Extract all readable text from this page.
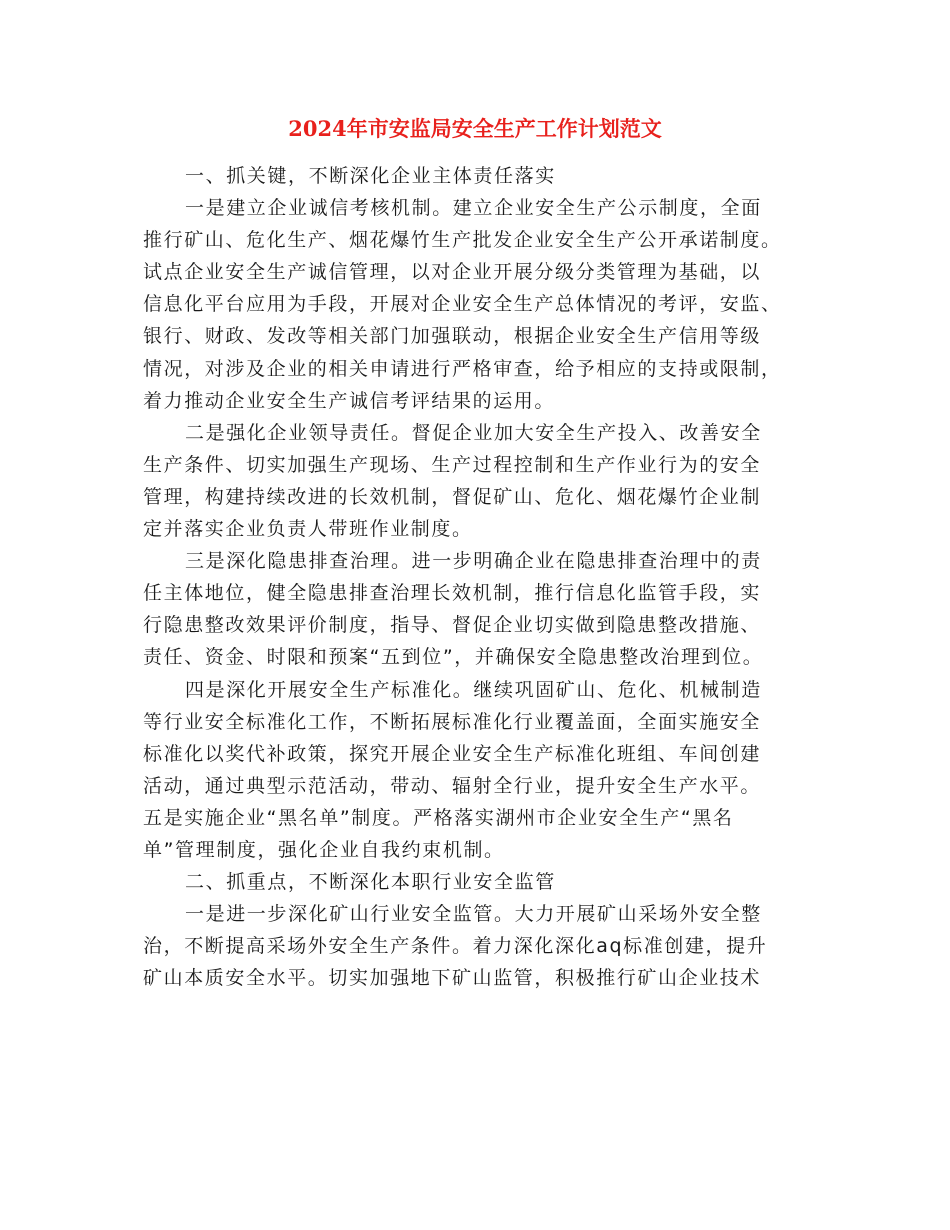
2024年市安监局安全生产工作计划范文

一、抓关键，不断深化企业主体责任落实

一是建立企业诚信考核机制。建立企业安全生产公示制度，全面
推行矿山、危化生产、烟花爆竹生产批发企业安全生产公开承诺制度。
试点企业安全生产诚信管理，以对企业开展分级分类管理为基础，以
信息化平台应用为手段，开展对企业安全生产总体情况的考评，安监、
银行、财政、发改等相关部门加强联动，根据企业安全生产信用等级
情况，对涉及企业的相关申请进行严格审查，给予相应的支持或限制，
着力推动企业安全生产诚信考评结果的运用。

二是强化企业领导责任。督促企业加大安全生产投入、改善安全
生产条件、切实加强生产现场、生产过程控制和生产作业行为的安全
管理，构建持续改进的长效机制，督促矿山、危化、烟花爆竹企业制
定并落实企业负责人带班作业制度。

三是深化隐患排查治理。进一步明确企业在隐患排查治理中的责
任主体地位，健全隐患排查治理长效机制，推行信息化监管手段，实
行隐患整改效果评价制度，指导、督促企业切实做到隐患整改措施、
责任、资金、时限和预案“五到位”，并确保安全隐患整改治理到位。

四是深化开展安全生产标准化。继续巩固矿山、危化、机械制造
等行业安全标准化工作，不断拓展标准化行业覆盖面，全面实施安全
标准化以奖代补政策，探究开展企业安全生产标准化班组、车间创建
活动，通过典型示范活动，带动、辐射全行业，提升安全生产水平。
五是实施企业“黑名单”制度。严格落实湖州市企业安全生产“黑名
单”管理制度，强化企业自我约束机制。

二、抓重点，不断深化本职行业安全监管

一是进一步深化矿山行业安全监管。大力开展矿山采场外安全整
治，不断提高采场外安全生产条件。着力深化深化aq标准创建，提升
矿山本质安全水平。切实加强地下矿山监管，积极推行矿山企业技术
